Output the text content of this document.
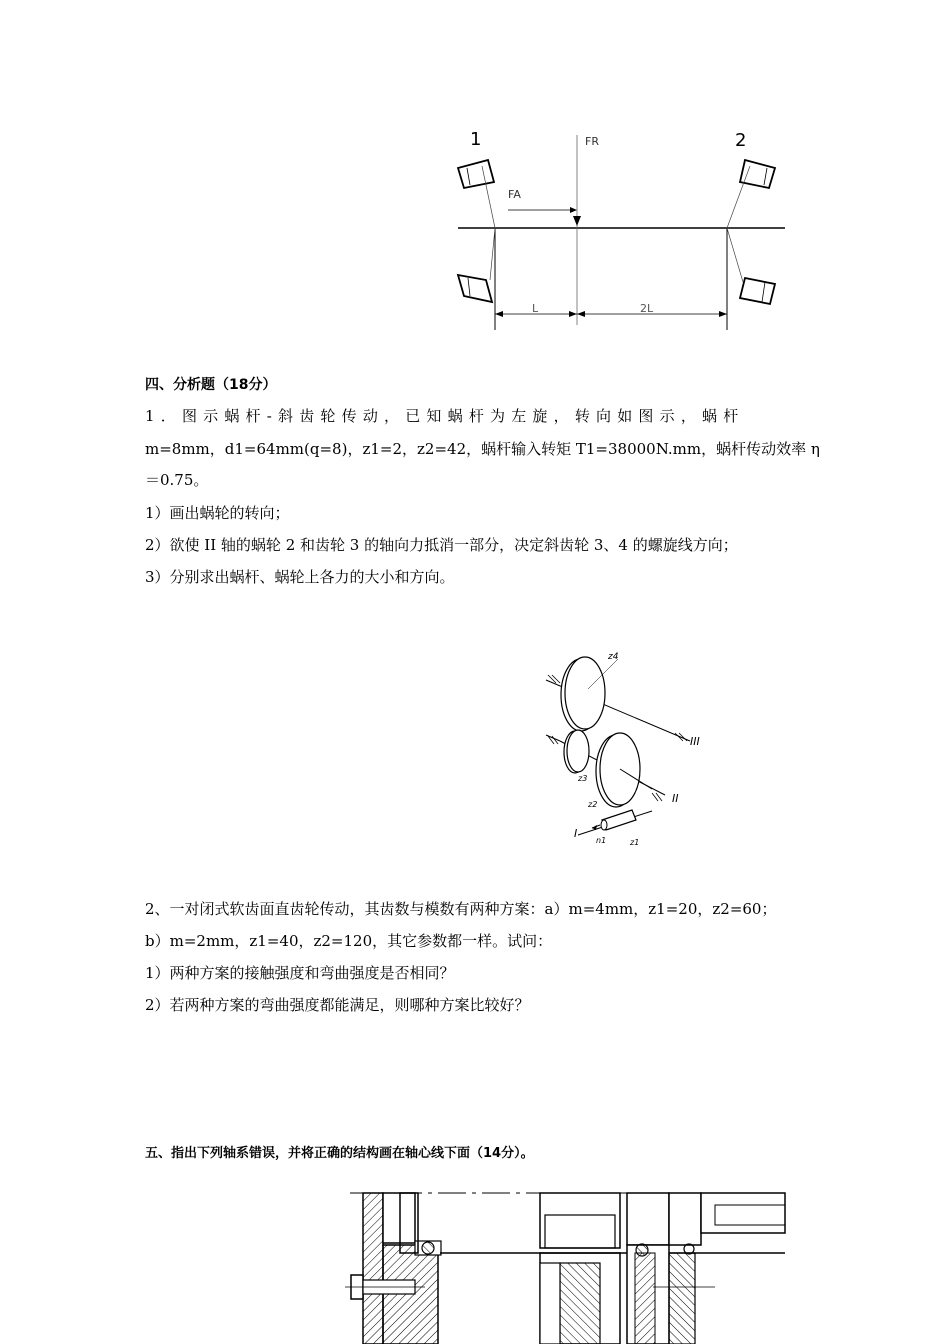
1	2
FR
FA
L	2L
四、分析题（18分）
1．图示蜗杆-斜齿轮传动，已知蜗杆为左旋，转向如图示，蜗杆
m=8mm，d1=64mm(q=8)，z1=2，z2=42，蜗杆输入转矩 T1=38000N.mm，蜗杆传动效率 η
＝0.75。
1）画出蜗轮的转向；
2）欲使 II 轴的蜗轮 2 和齿轮 3 的轴向力抵消一部分，决定斜齿轮 3、4 的螺旋线方向；
3）分别求出蜗杆、蜗轮上各力的大小和方向。
z4
z3
z2
z1
n1
I
II
III
2、一对闭式软齿面直齿轮传动，其齿数与模数有两种方案：a）m=4mm，z1=20，z2=60；
b）m=2mm，z1=40，z2=120，其它参数都一样。试问：
1）两种方案的接触强度和弯曲强度是否相同？
2）若两种方案的弯曲强度都能满足，则哪种方案比较好？
五、指出下列轴系错误，并将正确的结构画在轴心线下面（14分）。
